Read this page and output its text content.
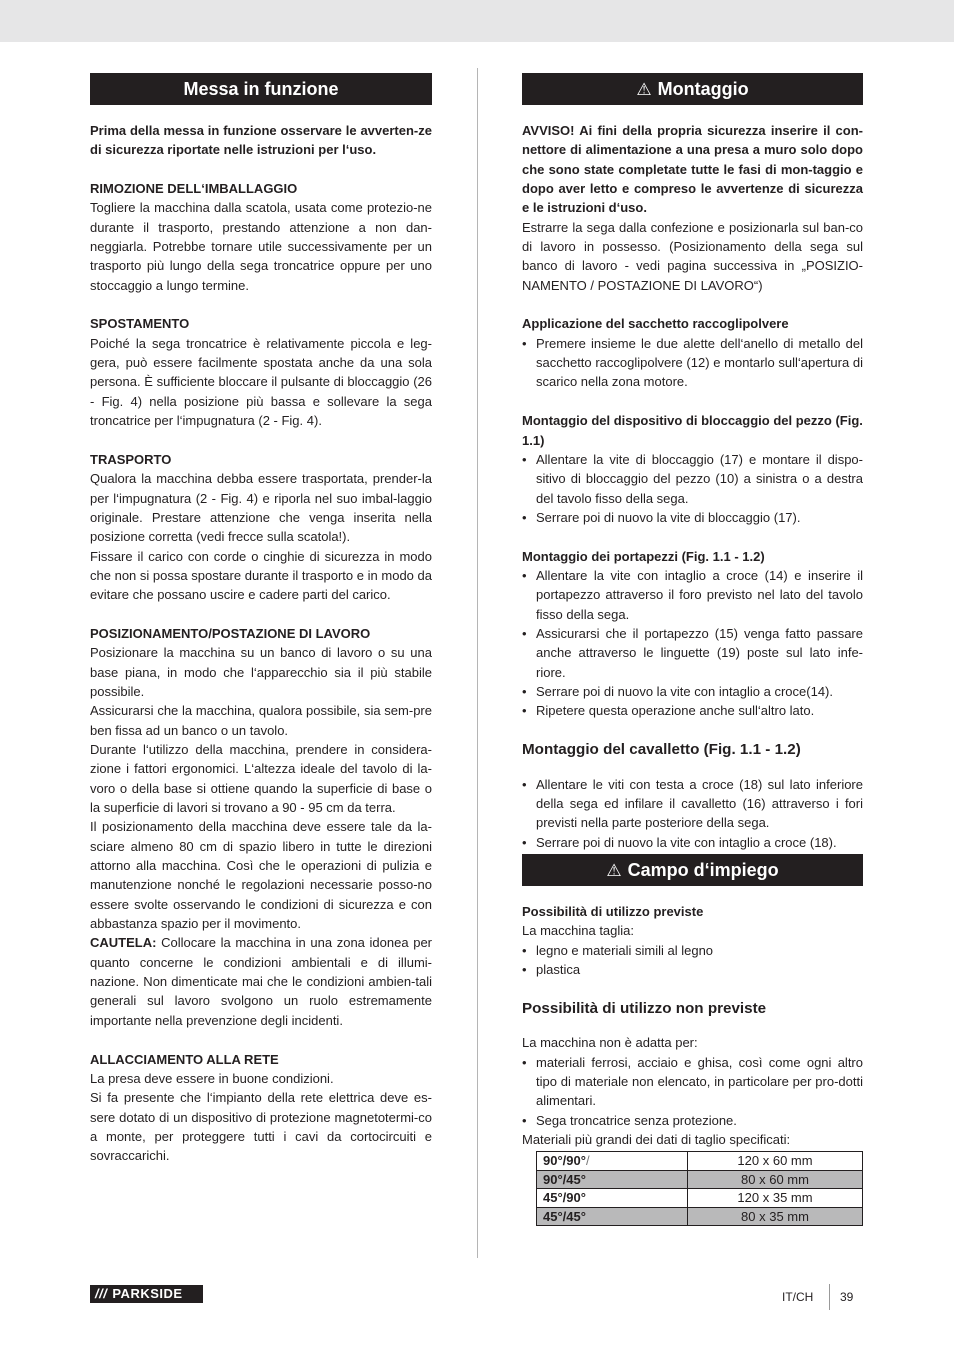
Messa in funzione

Prima della messa in funzione osservare le avverten-ze di sicurezza riportate nelle istruzioni per l‘uso.

RIMOZIONE DELL‘IMBALLAGGIO

Togliere la macchina dalla scatola, usata come protezio-ne durante il trasporto, prestando attenzione a non dan-neggiarla. Potrebbe tornare utile successivamente per un trasporto più lungo della sega troncatrice oppure per uno stoccaggio a lungo termine.

SPOSTAMENTO

Poiché la sega troncatrice è relativamente piccola e leg-gera, può essere facilmente spostata anche da una sola persona. È sufficiente bloccare il pulsante di bloccaggio (26 - Fig. 4) nella posizione più bassa e sollevare la sega troncatrice per l‘impugnatura (2 - Fig. 4).

TRASPORTO

Qualora la macchina debba essere trasportata, prender-la per l‘impugnatura (2 - Fig. 4) e riporla nel suo imbal-laggio originale. Prestare attenzione che venga inserita nella posizione corretta (vedi frecce sulla scatola!).

Fissare il carico con corde o cinghie di sicurezza in modo che non si possa spostare durante il trasporto e in modo da evitare che possano uscire e cadere parti del carico.

POSIZIONAMENTO/POSTAZIONE DI LAVORO

Posizionare la macchina su un banco di lavoro o su una base piana, in modo che l‘apparecchio sia il più stabile possibile.

Assicurarsi che la macchina, qualora possibile, sia sem-pre ben fissa ad un banco o un tavolo.

Durante l‘utilizzo della macchina, prendere in considera-zione i fattori ergonomici. L‘altezza ideale del tavolo di la-voro o della base si ottiene quando la superficie di base o la superficie di lavori si trovano a 90 - 95 cm da terra.

Il posizionamento della macchina deve essere tale da la-sciare almeno 80 cm di spazio libero in tutte le direzioni attorno alla macchina. Così che le operazioni di pulizia e manutenzione nonché le regolazioni necessarie posso-no essere svolte osservando le condizioni di sicurezza e con abbastanza spazio per il movimento.

CAUTELA: Collocare la macchina in una zona idonea per quanto concerne le condizioni ambientali e di illumi-nazione. Non dimenticate mai che le condizioni ambien-tali generali sul lavoro svolgono un ruolo estremamente importante nella prevenzione degli incidenti.

ALLACCIAMENTO ALLA RETE

La presa deve essere in buone condizioni.

Si fa presente che l‘impianto della rete elettrica deve es-sere dotato di un dispositivo di protezione magnetotermi-co a monte, per proteggere tutti i cavi da cortocircuiti e sovraccarichi.

⚠ Montaggio

AVVISO! Ai fini della propria sicurezza inserire il con-nettore di alimentazione a una presa a muro solo dopo che sono state completate tutte le fasi di mon-taggio e dopo aver letto e compreso le avvertenze di sicurezza e le istruzioni d‘uso.

Estrarre la sega dalla confezione e posizionarla sul ban-co di lavoro in possesso. (Posizionamento della sega sul banco di lavoro - vedi pagina successiva in „POSIZIO-NAMENTO / POSTAZIONE DI LAVORO“)

Applicazione del sacchetto raccoglipolvere
• Premere insieme le due alette dell‘anello di metallo del sacchetto raccoglipolvere (12) e montarlo sull‘apertura di scarico nella zona motore.
Montaggio del dispositivo di bloccaggio del pezzo (Fig. 1.1)
• Allentare la vite di bloccaggio (17) e montare il dispo-sitivo di bloccaggio del pezzo (10) a sinistra o a destra del tavolo fisso della sega.
• Serrare poi di nuovo la vite di bloccaggio (17).
Montaggio dei portapezzi (Fig. 1.1 - 1.2)
• Allentare la vite con intaglio a croce (14) e inserire il portapezzo attraverso il foro previsto nel lato del tavolo fisso della sega.
• Assicurarsi che il portapezzo (15) venga fatto passare anche attraverso le linguette (19) poste sul lato infe-riore.
• Serrare poi di nuovo la vite con intaglio a croce(14).
• Ripetere questa operazione anche sull‘altro lato.
Montaggio del cavalletto (Fig. 1.1 - 1.2)
• Allentare le viti con testa a croce (18) sul lato inferiore della sega ed infilare il cavalletto (16) attraverso i fori previsti nella parte posteriore della sega.
• Serrare poi di nuovo la vite con intaglio a croce (18).
⚠ Campo d‘impiego
Possibilità di utilizzo previste

La macchina taglia:

• legno e materiali simili al legno
• plastica
Possibilità di utilizzo non previste

La macchina non è adatta per:

• materiali ferrosi, acciaio e ghisa, così come ogni altro tipo di materiale non elencato, in particolare per pro-dotti alimentari.
• Sega troncatrice senza protezione.

Materiali più grandi dei dati di taglio specificati:

90°/90°/	120 x 60 mm
90°/45°	80 x 60 mm
45°/90°	120 x 35 mm
45°/45°	80 x 35 mm
/// PARKSIDE	IT/CH 39
